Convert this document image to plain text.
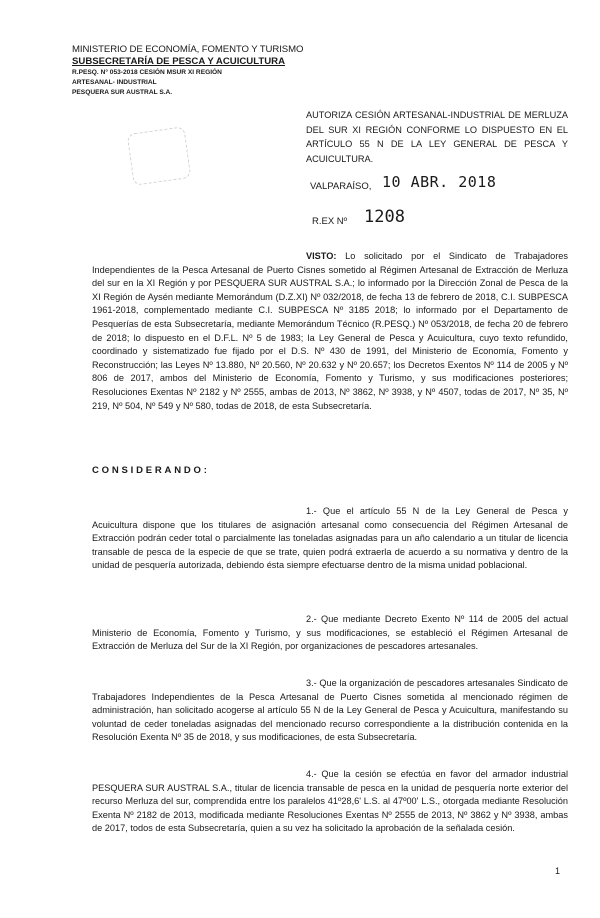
MINISTERIO DE ECONOMÍA, FOMENTO Y TURISMO
SUBSECRETARÍA DE PESCA Y ACUICULTURA
R.PESQ. N° 053-2018 CESIÓN MSUR XI REGIÓN
ARTESANAL- INDUSTRIAL
PESQUERA SUR AUSTRAL S.A.
AUTORIZA CESIÓN ARTESANAL-INDUSTRIAL DE MERLUZA DEL SUR XI REGIÓN CONFORME LO DISPUESTO EN EL ARTÍCULO 55 N DE LA LEY GENERAL DE PESCA Y ACUICULTURA.
VALPARAÍSO, 10 ABR. 2018
R.EX Nº 1208
VISTO: Lo solicitado por el Sindicato de Trabajadores Independientes de la Pesca Artesanal de Puerto Cisnes sometido al Régimen Artesanal de Extracción de Merluza del sur en la XI Región y por PESQUERA SUR AUSTRAL S.A.; lo informado por la Dirección Zonal de Pesca de la XI Región de Aysén mediante Memorándum (D.Z.XI) Nº 032/2018, de fecha 13 de febrero de 2018, C.I. SUBPESCA 1961-2018, complementado mediante C.I. SUBPESCA Nº 3185 2018; lo informado por el Departamento de Pesquerías de esta Subsecretaría, mediante Memorándum Técnico (R.PESQ.) Nº 053/2018, de fecha 20 de febrero de 2018; lo dispuesto en el D.F.L. Nº 5 de 1983; la Ley General de Pesca y Acuicultura, cuyo texto refundido, coordinado y sistematizado fue fijado por el D.S. Nº 430 de 1991, del Ministerio de Economía, Fomento y Reconstrucción; las Leyes Nº 13.880, Nº 20.560, Nº 20.632 y Nº 20.657; los Decretos Exentos Nº 114 de 2005 y Nº 806 de 2017, ambos del Ministerio de Economía, Fomento y Turismo, y sus modificaciones posteriores; Resoluciones Exentas Nº 2182 y Nº 2555, ambas de 2013, Nº 3862, Nº 3938, y Nº 4507, todas de 2017, Nº 35, Nº 219, Nº 504, Nº 549 y Nº 580, todas de 2018, de esta Subsecretaría.
CONSIDERANDO:
1.- Que el artículo 55 N de la Ley General de Pesca y Acuicultura dispone que los titulares de asignación artesanal como consecuencia del Régimen Artesanal de Extracción podrán ceder total o parcialmente las toneladas asignadas para un año calendario a un titular de licencia transable de pesca de la especie de que se trate, quien podrá extraerla de acuerdo a su normativa y dentro de la unidad de pesquería autorizada, debiendo ésta siempre efectuarse dentro de la misma unidad poblacional.
2.- Que mediante Decreto Exento Nº 114 de 2005 del actual Ministerio de Economía, Fomento y Turismo, y sus modificaciones, se estableció el Régimen Artesanal de Extracción de Merluza del Sur de la XI Región, por organizaciones de pescadores artesanales.
3.- Que la organización de pescadores artesanales Sindicato de Trabajadores Independientes de la Pesca Artesanal de Puerto Cisnes sometida al mencionado régimen de administración, han solicitado acogerse al artículo 55 N de la Ley General de Pesca y Acuicultura, manifestando su voluntad de ceder toneladas asignadas del mencionado recurso correspondiente a la distribución contenida en la Resolución Exenta Nº 35 de 2018, y sus modificaciones, de esta Subsecretaría.
4.- Que la cesión se efectúa en favor del armador industrial PESQUERA SUR AUSTRAL S.A., titular de licencia transable de pesca en la unidad de pesquería norte exterior del recurso Merluza del sur, comprendida entre los paralelos 41º28,6' L.S. al 47º00' L.S., otorgada mediante Resolución Exenta Nº 2182 de 2013, modificada mediante Resoluciones Exentas Nº 2555 de 2013, Nº 3862 y Nº 3938, ambas de 2017, todos de esta Subsecretaría, quien a su vez ha solicitado la aprobación de la señalada cesión.
1
